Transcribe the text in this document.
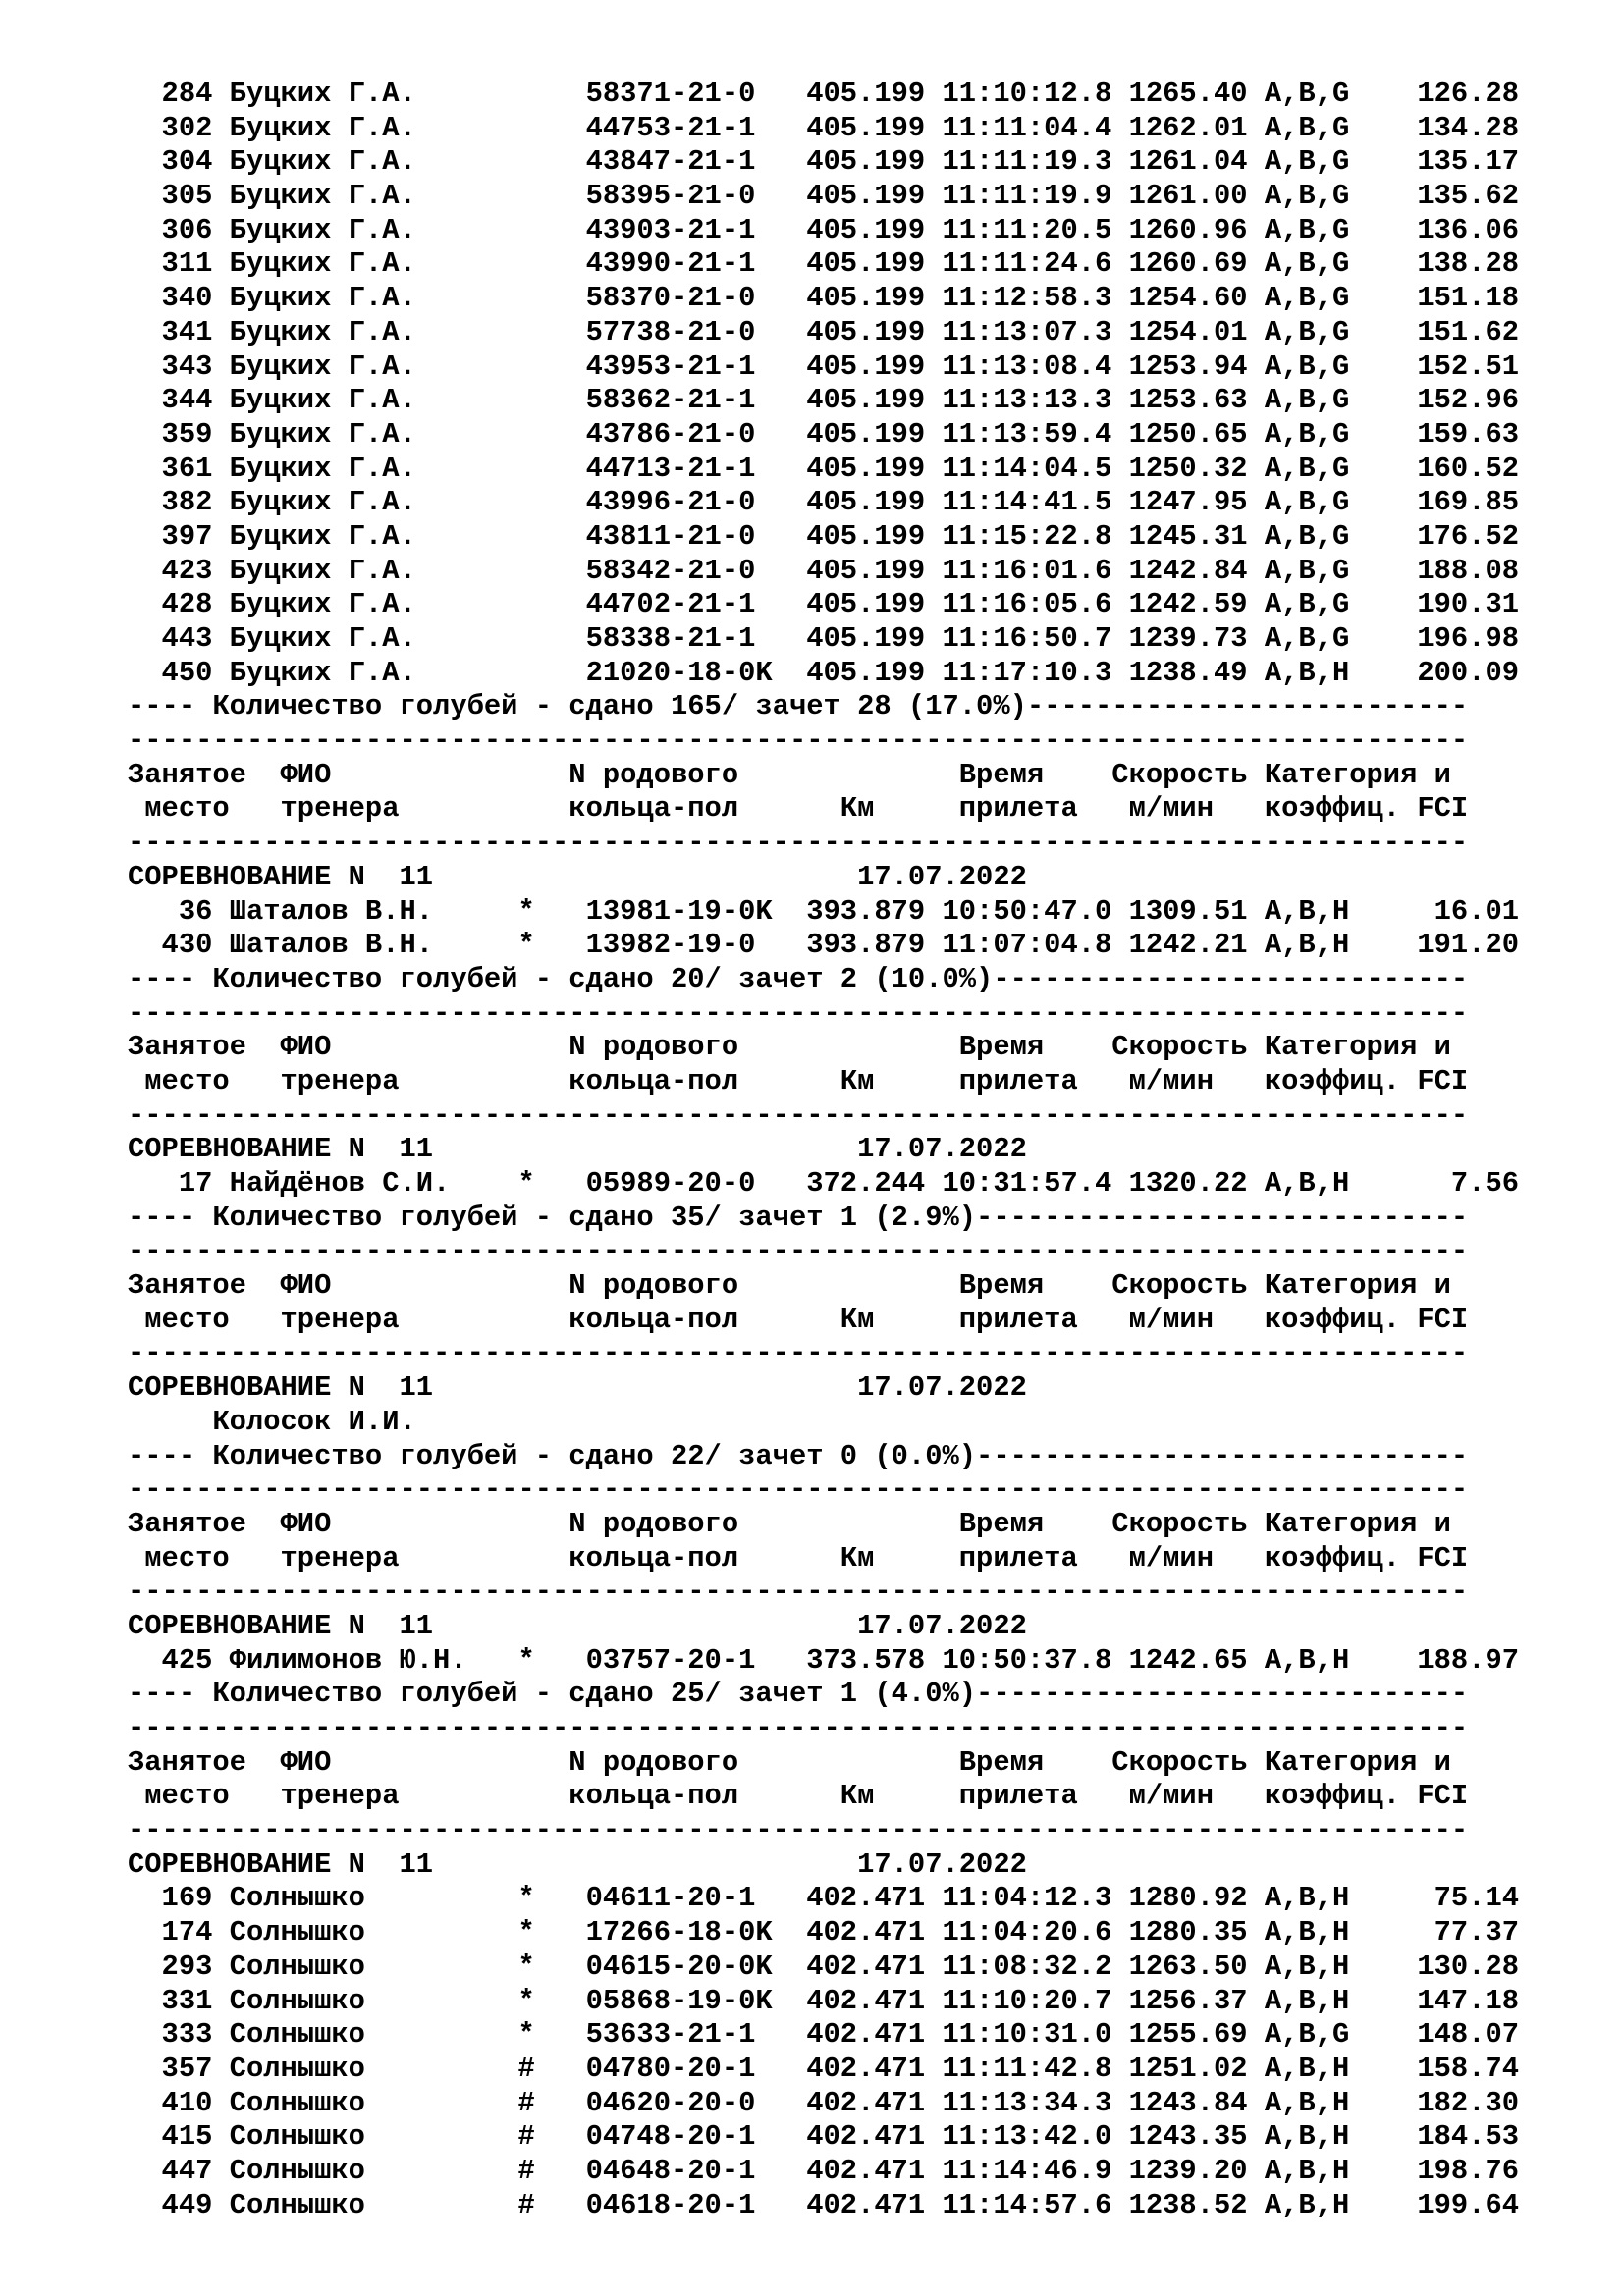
284 Буцких Г.А.          58371-21-0   405.199 11:10:12.8 1265.40 A,B,G    126.28
302 Буцких Г.А.          44753-21-1   405.199 11:11:04.4 1262.01 A,B,G    134.28
304 Буцких Г.А.          43847-21-1   405.199 11:11:19.3 1261.04 A,B,G    135.17
305 Буцких Г.А.          58395-21-0   405.199 11:11:19.9 1261.00 A,B,G    135.62
306 Буцких Г.А.          43903-21-1   405.199 11:11:20.5 1260.96 A,B,G    136.06
311 Буцких Г.А.          43990-21-1   405.199 11:11:24.6 1260.69 A,B,G    138.28
340 Буцких Г.А.          58370-21-0   405.199 11:12:58.3 1254.60 A,B,G    151.18
341 Буцких Г.А.          57738-21-0   405.199 11:13:07.3 1254.01 A,B,G    151.62
343 Буцких Г.А.          43953-21-1   405.199 11:13:08.4 1253.94 A,B,G    152.51
344 Буцких Г.А.          58362-21-1   405.199 11:13:13.3 1253.63 A,B,G    152.96
359 Буцких Г.А.          43786-21-0   405.199 11:13:59.4 1250.65 A,B,G    159.63
361 Буцких Г.А.          44713-21-1   405.199 11:14:04.5 1250.32 A,B,G    160.52
382 Буцких Г.А.          43996-21-0   405.199 11:14:41.5 1247.95 A,B,G    169.85
397 Буцких Г.А.          43811-21-0   405.199 11:15:22.8 1245.31 A,B,G    176.52
423 Буцких Г.А.          58342-21-0   405.199 11:16:01.6 1242.84 A,B,G    188.08
428 Буцких Г.А.          44702-21-1   405.199 11:16:05.6 1242.59 A,B,G    190.31
443 Буцких Г.А.          58338-21-1   405.199 11:16:50.7 1239.73 A,B,G    196.98
450 Буцких Г.А.          21020-18-0K  405.199 11:17:10.3 1238.49 A,B,H    200.09
---- Количество голубей - сдано 165/ зачет 28 (17.0%)--------------------------
-------------------------------------------------------------------------------
Занятое  ФИО              N родового             Время    Скорость Категория и
место   тренера          кольца-пол      Км     прилета   м/мин   коэффиц. FCI
-------------------------------------------------------------------------------
СОРЕВНОВАНИЕ N  11                         17.07.2022
36 Шаталов В.Н.     *   13981-19-0K  393.879 10:50:47.0 1309.51 A,B,H     16.01
430 Шаталов В.Н.     *   13982-19-0   393.879 11:07:04.8 1242.21 A,B,H    191.20
---- Количество голубей - сдано 20/ зачет 2 (10.0%)----------------------------
-------------------------------------------------------------------------------
Занятое  ФИО              N родового             Время    Скорость Категория и
место   тренера          кольца-пол      Км     прилета   м/мин   коэффиц. FCI
-------------------------------------------------------------------------------
СОРЕВНОВАНИЕ N  11                         17.07.2022
17 Найдёнов С.И.    *   05989-20-0   372.244 10:31:57.4 1320.22 A,B,H      7.56
---- Количество голубей - сдано 35/ зачет 1 (2.9%)-----------------------------
-------------------------------------------------------------------------------
Занятое  ФИО              N родового             Время    Скорость Категория и
место   тренера          кольца-пол      Км     прилета   м/мин   коэффиц. FCI
-------------------------------------------------------------------------------
СОРЕВНОВАНИЕ N  11                         17.07.2022
Колосок И.И.
---- Количество голубей - сдано 22/ зачет 0 (0.0%)-----------------------------
-------------------------------------------------------------------------------
Занятое  ФИО              N родового             Время    Скорость Категория и
место   тренера          кольца-пол      Км     прилета   м/мин   коэффиц. FCI
-------------------------------------------------------------------------------
СОРЕВНОВАНИЕ N  11                         17.07.2022
425 Филимонов Ю.Н.   *   03757-20-1   373.578 10:50:37.8 1242.65 A,B,H    188.97
---- Количество голубей - сдано 25/ зачет 1 (4.0%)-----------------------------
-------------------------------------------------------------------------------
Занятое  ФИО              N родового             Время    Скорость Категория и
место   тренера          кольца-пол      Км     прилета   м/мин   коэффиц. FCI
-------------------------------------------------------------------------------
СОРЕВНОВАНИЕ N  11                         17.07.2022
169 Солнышко         *   04611-20-1   402.471 11:04:12.3 1280.92 A,B,H     75.14
174 Солнышко         *   17266-18-0K  402.471 11:04:20.6 1280.35 A,B,H     77.37
293 Солнышко         *   04615-20-0K  402.471 11:08:32.2 1263.50 A,B,H    130.28
331 Солнышко         *   05868-19-0K  402.471 11:10:20.7 1256.37 A,B,H    147.18
333 Солнышко         *   53633-21-1   402.471 11:10:31.0 1255.69 A,B,G    148.07
357 Солнышко         #   04780-20-1   402.471 11:11:42.8 1251.02 A,B,H    158.74
410 Солнышко         #   04620-20-0   402.471 11:13:34.3 1243.84 A,B,H    182.30
415 Солнышко         #   04748-20-1   402.471 11:13:42.0 1243.35 A,B,H    184.53
447 Солнышко         #   04648-20-1   402.471 11:14:46.9 1239.20 A,B,H    198.76
449 Солнышко         #   04618-20-1   402.471 11:14:57.6 1238.52 A,B,H    199.64
